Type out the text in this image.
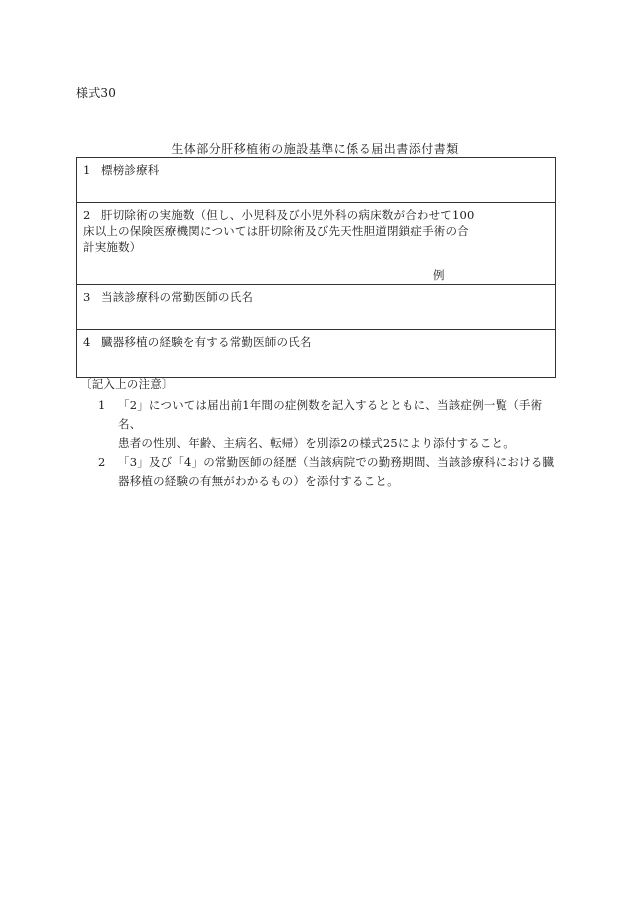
様式30
生体部分肝移植術の施設基準に係る届出書添付書類
1 標榜診療科
2 肝切除術の実施数（但し、小児科及び小児外科の病床数が合わせて100
床以上の保険医療機関については肝切除術及び先天性胆道閉鎖症手術の合
計実施数）
例
3 当該診療科の常勤医師の氏名
4 臓器移植の経験を有する常勤医師の氏名
〔記入上の注意〕
1 「2」については届出前1年間の症例数を記入するとともに、当該症例一覧（手術名、
患者の性別、年齢、主病名、転帰）を別添2の様式25により添付すること。
2 「3」及び「4」の常勤医師の経歴（当該病院での勤務期間、当該診療科における臓
器移植の経験の有無がわかるもの）を添付すること。
